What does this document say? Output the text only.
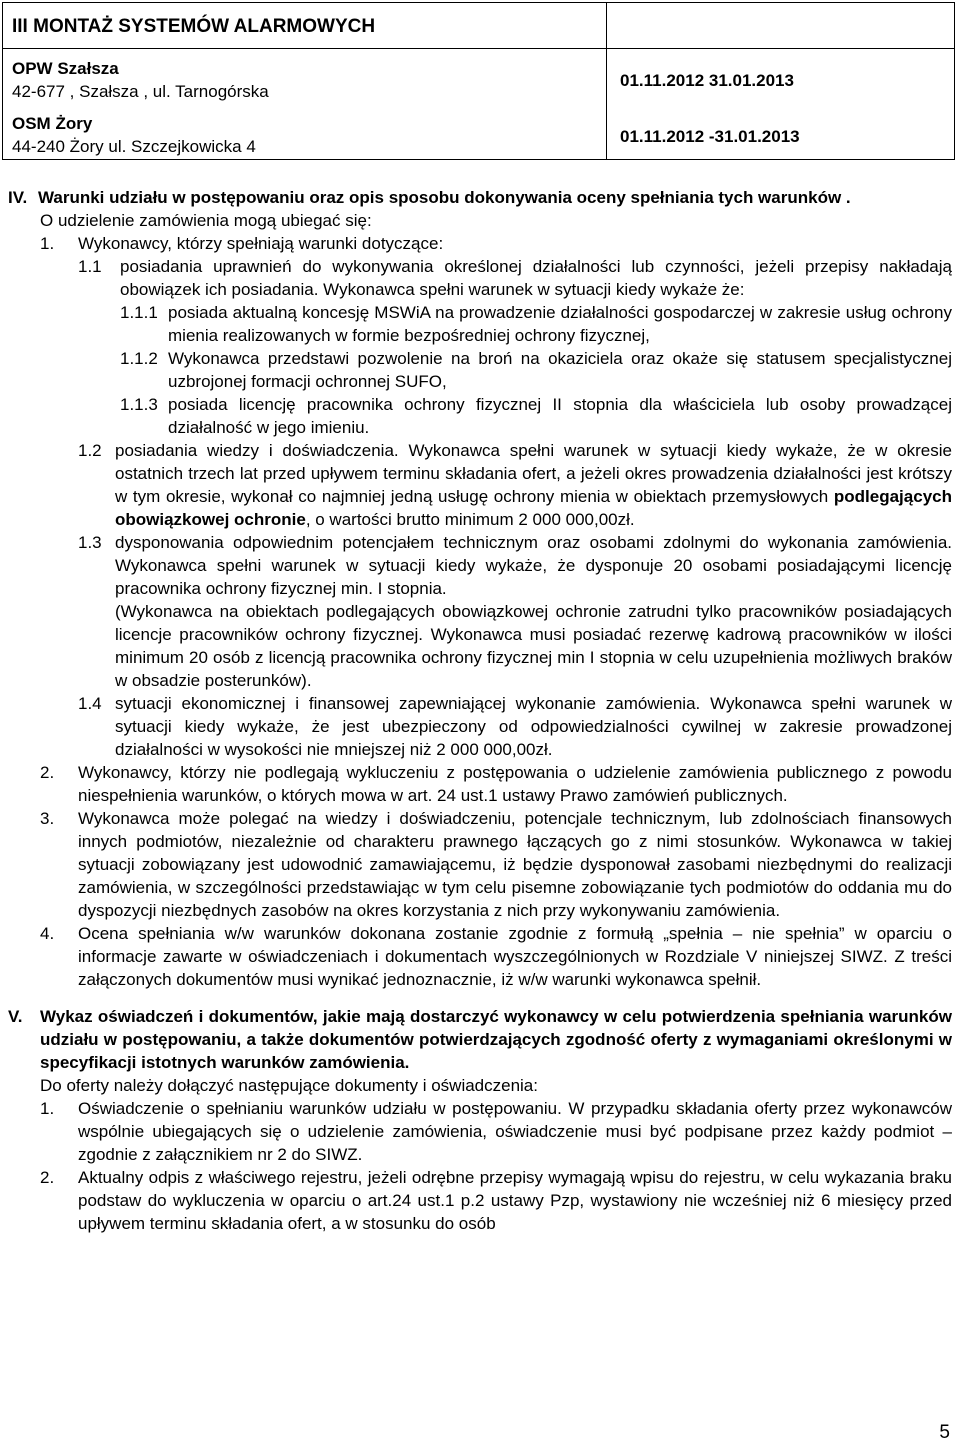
III MONTAŻ SYSTEMÓW ALARMOWYCH
OPW Szałsza
42-677 , Szałsza , ul. Tarnogórska
01.11.2012 31.01.2013
OSM Żory
44-240 Żory ul. Szczejkowicka 4
01.11.2012 -31.01.2013
IV. Warunki udziału w postępowaniu oraz opis sposobu dokonywania oceny spełniania tych warunków .
O udzielenie zamówienia mogą ubiegać się:
1. Wykonawcy, którzy spełniają warunki dotyczące:
1.1 posiadania uprawnień do wykonywania określonej działalności lub czynności, jeżeli przepisy nakładają obowiązek ich posiadania. Wykonawca spełni warunek w sytuacji kiedy wykaże że:
1.1.1 posiada aktualną koncesję MSWiA na prowadzenie działalności gospodarczej w zakresie usług ochrony mienia realizowanych w formie bezpośredniej ochrony fizycznej,
1.1.2 Wykonawca przedstawi pozwolenie na broń na okaziciela oraz okaże się statusem specjalistycznej uzbrojonej formacji ochronnej SUFO,
1.1.3 posiada licencję pracownika ochrony fizycznej II stopnia dla właściciela lub osoby prowadzącej działalność w jego imieniu.
1.2 posiadania wiedzy i doświadczenia. Wykonawca spełni warunek w sytuacji kiedy wykaże, że w okresie ostatnich trzech lat przed upływem terminu składania ofert, a jeżeli okres prowadzenia działalności jest krótszy w tym okresie, wykonał co najmniej jedną usługę ochrony mienia w obiektach przemysłowych podlegających obowiązkowej ochronie, o wartości brutto minimum 2 000 000,00zł.
1.3 dysponowania odpowiednim potencjałem technicznym oraz osobami zdolnymi do wykonania zamówienia. Wykonawca spełni warunek w sytuacji kiedy wykaże, że dysponuje 20 osobami posiadającymi licencję pracownika ochrony fizycznej min. I stopnia.
(Wykonawca na obiektach podlegających obowiązkowej ochronie zatrudni tylko pracowników posiadających licencje pracowników ochrony fizycznej. Wykonawca musi posiadać rezerwę kadrową pracowników w ilości minimum 20 osób z licencją pracownika ochrony fizycznej min I stopnia w celu uzupełnienia możliwych braków w obsadzie posterunków).
1.4 sytuacji ekonomicznej i finansowej zapewniającej wykonanie zamówienia. Wykonawca spełni warunek w sytuacji kiedy wykaże, że jest ubezpieczony od odpowiedzialności cywilnej w zakresie prowadzonej działalności w wysokości nie mniejszej niż 2 000 000,00zł.
2. Wykonawcy, którzy nie podlegają wykluczeniu z postępowania o udzielenie zamówienia publicznego z powodu niespełnienia warunków, o których mowa w art. 24 ust.1 ustawy Prawo zamówień publicznych.
3. Wykonawca może polegać na wiedzy i doświadczeniu, potencjale technicznym, lub zdolnościach finansowych innych podmiotów, niezależnie od charakteru prawnego łączących go z nimi stosunków. Wykonawca w takiej sytuacji zobowiązany jest udowodnić zamawiającemu, iż będzie dysponował zasobami niezbędnymi do realizacji zamówienia, w szczególności przedstawiając w tym celu pisemne zobowiązanie tych podmiotów do oddania mu do dyspozycji niezbędnych zasobów na okres korzystania z nich przy wykonywaniu zamówienia.
4. Ocena spełniania w/w warunków dokonana zostanie zgodnie z formułą „spełnia – nie spełnia” w oparciu o informacje zawarte w oświadczeniach i dokumentach wyszczególnionych w Rozdziale V niniejszej SIWZ. Z treści załączonych dokumentów musi wynikać jednoznacznie, iż w/w warunki wykonawca spełnił.
V. Wykaz oświadczeń i dokumentów, jakie mają dostarczyć wykonawcy w celu potwierdzenia spełniania warunków udziału w postępowaniu, a także dokumentów potwierdzających zgodność oferty z wymaganiami określonymi w specyfikacji istotnych warunków zamówienia.
Do oferty należy dołączyć następujące dokumenty i oświadczenia:
1. Oświadczenie o spełnianiu warunków udziału w postępowaniu. W przypadku składania oferty przez wykonawców wspólnie ubiegających się o udzielenie zamówienia, oświadczenie musi być podpisane przez każdy podmiot – zgodnie z załącznikiem nr 2 do SIWZ.
2. Aktualny odpis z właściwego rejestru, jeżeli odrębne przepisy wymagają wpisu do rejestru, w celu wykazania braku podstaw do wykluczenia w oparciu o art.24 ust.1 p.2 ustawy Pzp, wystawiony nie wcześniej niż 6 miesięcy przed upływem terminu składania ofert, a w stosunku do osób
5
